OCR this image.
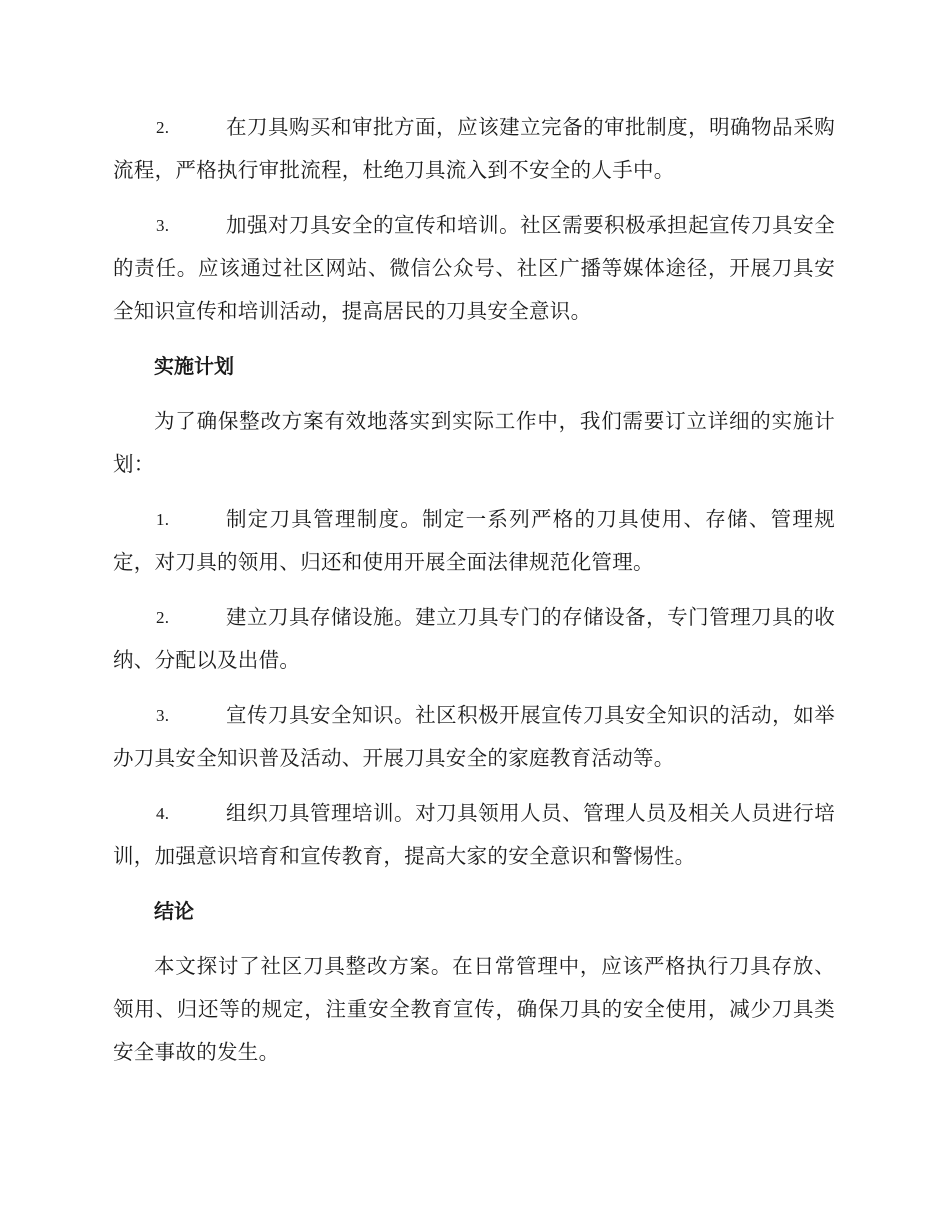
2.	在刀具购买和审批方面，应该建立完备的审批制度，明确物品采购流程，严格执行审批流程，杜绝刀具流入到不安全的人手中。

3.	加强对刀具安全的宣传和培训。社区需要积极承担起宣传刀具安全的责任。应该通过社区网站、微信公众号、社区广播等媒体途径，开展刀具安全知识宣传和培训活动，提高居民的刀具安全意识。

实施计划

为了确保整改方案有效地落实到实际工作中，我们需要订立详细的实施计划：

1.	制定刀具管理制度。制定一系列严格的刀具使用、存储、管理规定，对刀具的领用、归还和使用开展全面法律规范化管理。

2.	建立刀具存储设施。建立刀具专门的存储设备，专门管理刀具的收纳、分配以及出借。

3.	宣传刀具安全知识。社区积极开展宣传刀具安全知识的活动，如举办刀具安全知识普及活动、开展刀具安全的家庭教育活动等。

4.	组织刀具管理培训。对刀具领用人员、管理人员及相关人员进行培训，加强意识培育和宣传教育，提高大家的安全意识和警惕性。

结论

本文探讨了社区刀具整改方案。在日常管理中，应该严格执行刀具存放、领用、归还等的规定，注重安全教育宣传，确保刀具的安全使用，减少刀具类安全事故的发生。
